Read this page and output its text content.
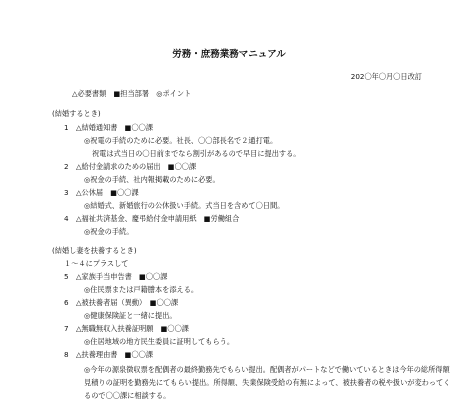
労務・庶務業務マニュアル
202〇年〇月〇日改訂
△必要書類　■担当部署　◎ポイント
(結婚するとき)
1 △結婚通知書　■〇〇課
◎祝電の手続のために必要。社長、〇〇部長名で２通打電。
祝電は式当日の〇日前までなら割引があるので早目に提出する。
2 △給付金請求のための届出　■〇〇課
◎祝金の手続、社内報掲載のために必要。
3 △公休届　■〇〇課
◎結婚式、新婚旅行の公休扱い手続。式当日を含めて〇日間。
4 △福祉共済基金、慶弔給付金申請用紙　■労働組合
◎祝金の手続。
(結婚し妻を扶養するとき)
１～４にプラスして
5 △家族手当申告書　■〇〇課
◎住民票または戸籍謄本を添える。
6 △被扶養者届（異動）　■〇〇課
◎健康保険証と一緒に提出。
7 △無職無収入扶養証明願　■〇〇課
◎住居地域の地方民生委員に証明してもらう。
8 △扶養理由書　■〇〇課
◎今年の源泉徴収票を配偶者の最終勤務先でもらい提出。配偶者がパートなどで働いているときは今年の総所得額見積りの証明を勤務先にてもらい提出。所得額、失業保険受給の有無によって、被扶養者の税や扱いが変わってくるので〇〇課に相談する。
